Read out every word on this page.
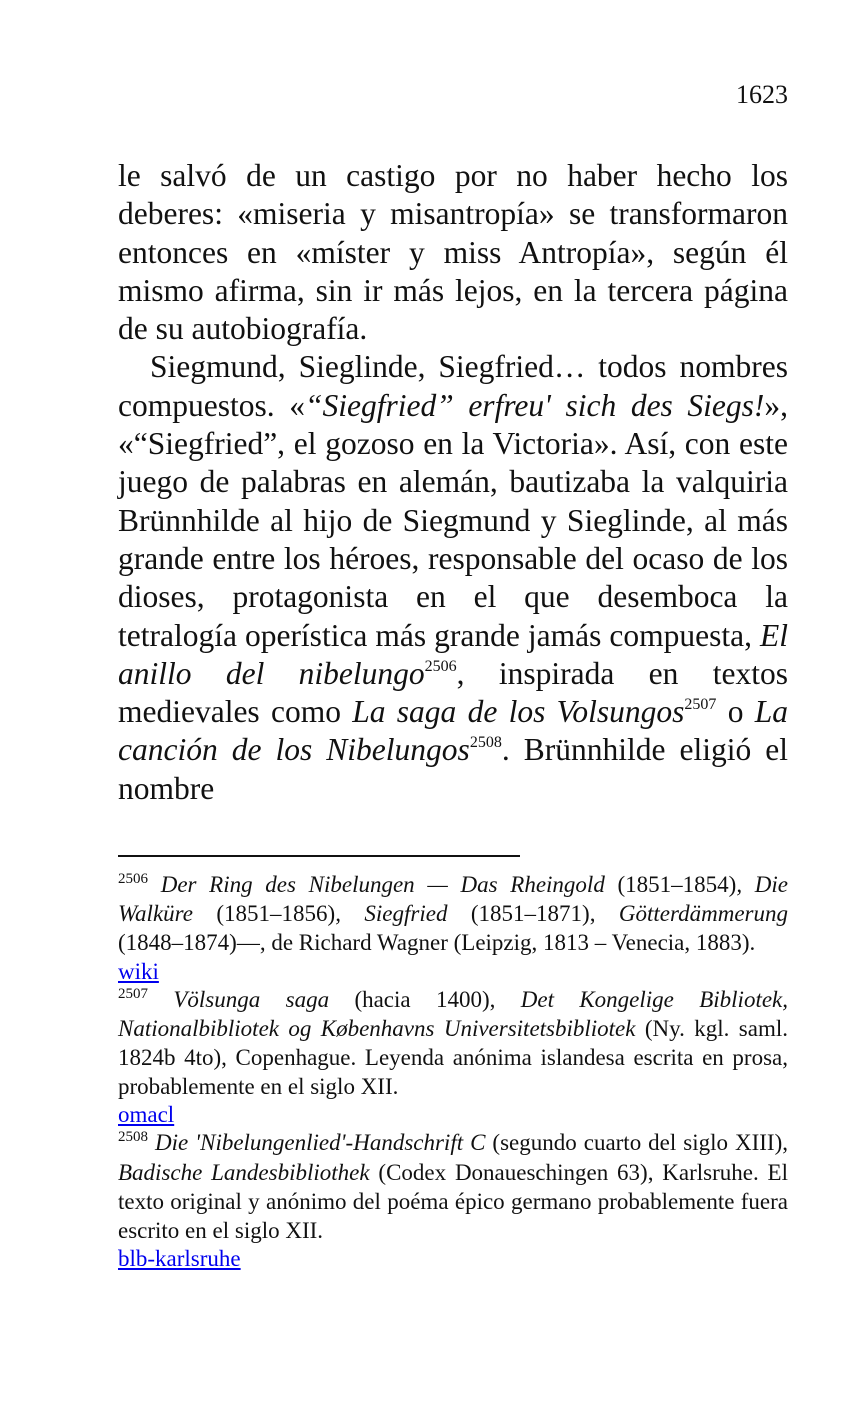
1623

le salvó de un castigo por no haber hecho los deberes: «miseria y misantropía» se transformaron entonces en «míster y miss Antropía», según él mismo afirma, sin ir más lejos, en la tercera página de su autobiografía.

Siegmund, Sieglinde, Siegfried… todos nombres compuestos. «“Siegfried” erfreu' sich des Siegs!», «“Siegfried”, el gozoso en la Victoria». Así, con este juego de palabras en alemán, bautizaba la valquiria Brünnhilde al hijo de Siegmund y Sieglinde, al más grande entre los héroes, responsable del ocaso de los dioses, protagonista en el que desemboca la tetralogía operística más grande jamás compuesta, El anillo del nibelungo$^{2506}$, inspirada en textos medievales como La saga de los Volsungos$^{2507}$ o La canción de los Nibelungos$^{2508}$. Brünnhilde eligió el nombre

$^{2506}$ Der Ring des Nibelungen — Das Rheingold (1851–1854), Die Walküre (1851–1856), Siegfried (1851–1871), Götterdämmerung (1848–1874)—, de Richard Wagner (Leipzig, 1813 – Venecia, 1883).

wiki

$^{2507}$ Völsunga saga (hacia 1400), Det Kongelige Bibliotek, Nationalbibliotek og Københavns Universitetsbibliotek (Ny. kgl. saml. 1824b 4to), Copenhague. Leyenda anónima islandesa escrita en prosa, probablemente en el siglo XII.

omacl

$^{2508}$ Die 'Nibelungenlied'-Handschrift C (segundo cuarto del siglo XIII), Badische Landesbibliothek (Codex Donaueschingen 63), Karlsruhe. El texto original y anónimo del poéma épico germano probablemente fuera escrito en el siglo XII.

blb-karlsruhe
